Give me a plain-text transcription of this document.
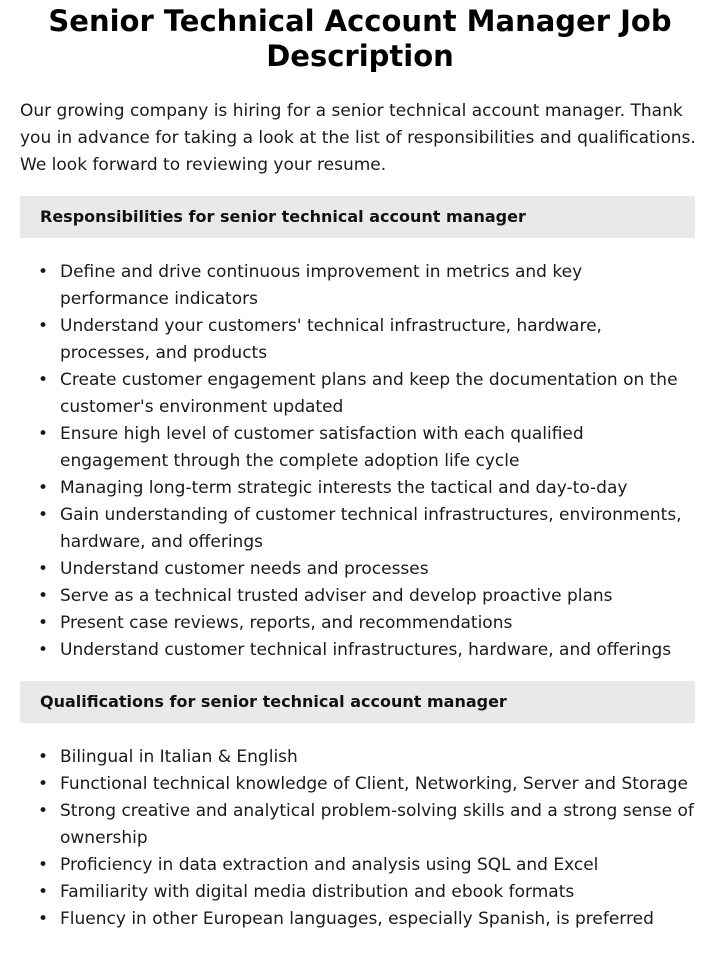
Senior Technical Account Manager Job Description

Our growing company is hiring for a senior technical account manager. Thank you in advance for taking a look at the list of responsibilities and qualifications. We look forward to reviewing your resume.

Responsibilities for senior technical account manager
• Define and drive continuous improvement in metrics and key performance indicators
• Understand your customers' technical infrastructure, hardware, processes, and products
• Create customer engagement plans and keep the documentation on the customer's environment updated
• Ensure high level of customer satisfaction with each qualified engagement through the complete adoption life cycle
• Managing long-term strategic interests the tactical and day-to-day
• Gain understanding of customer technical infrastructures, environments, hardware, and offerings
• Understand customer needs and processes
• Serve as a technical trusted adviser and develop proactive plans
• Present case reviews, reports, and recommendations
• Understand customer technical infrastructures, hardware, and offerings
Qualifications for senior technical account manager
• Bilingual in Italian & English
• Functional technical knowledge of Client, Networking, Server and Storage
• Strong creative and analytical problem-solving skills and a strong sense of ownership
• Proficiency in data extraction and analysis using SQL and Excel
• Familiarity with digital media distribution and ebook formats
• Fluency in other European languages, especially Spanish, is preferred
